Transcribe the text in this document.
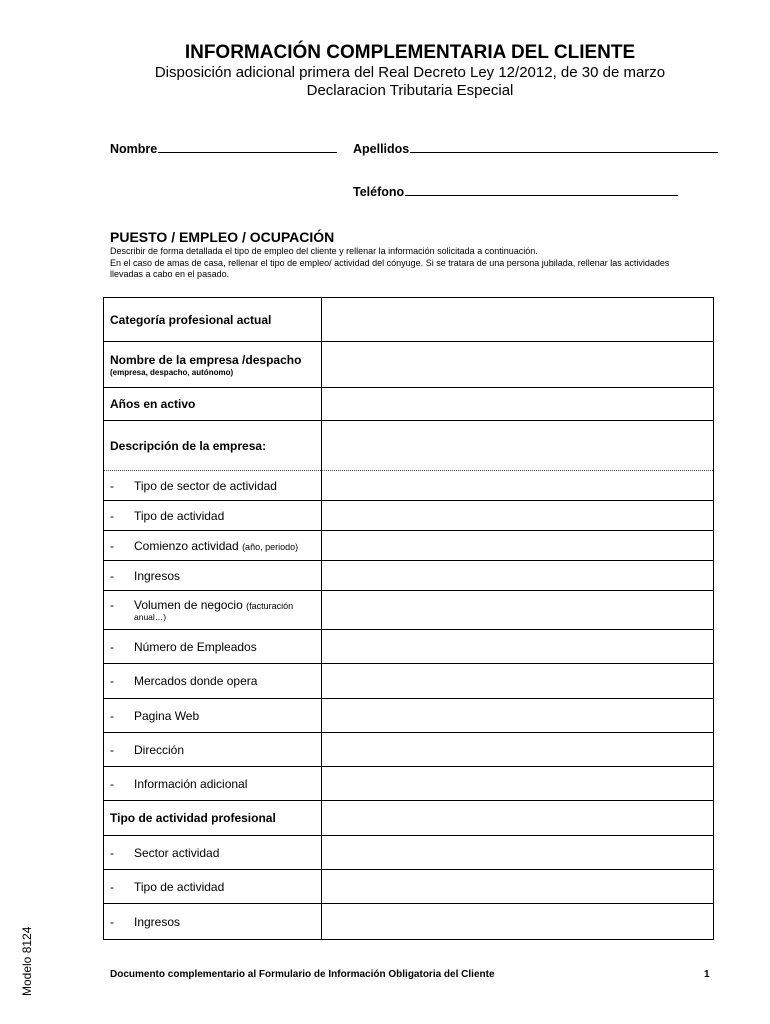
INFORMACIÓN COMPLEMENTARIA DEL CLIENTE
Disposición adicional primera del Real Decreto Ley 12/2012, de 30 de marzo
Declaracion Tributaria Especial
Nombre	Apellidos
Teléfono
PUESTO / EMPLEO / OCUPACIÓN
Describir de forma detallada el tipo de empleo del cliente y rellenar la información solicitada a continuación.
En el caso de amas de casa, rellenar el tipo de empleo/ actividad del cónyuge. Si se tratara de una persona jubilada, rellenar las actividades llevadas a cabo en el pasado.
Categoría profesional actual	
Nombre de la empresa /despacho
(empresa, despacho, autónomo)	

Años en activo	
Descripción de la empresa:	
- Tipo de sector de actividad	
- Tipo de actividad	
- Comienzo actividad (año, periodo)	
- Ingresos	
- Volumen de negocio (facturación
anual…)	

- Número de Empleados	
- Mercados donde opera	
- Pagina Web	
- Dirección	
- Información adicional	
Tipo de actividad profesional	
- Sector actividad	
- Tipo de actividad	
- Ingresos	
Modelo 8124	Documento complementario al Formulario de Información Obligatoria del Cliente	1
